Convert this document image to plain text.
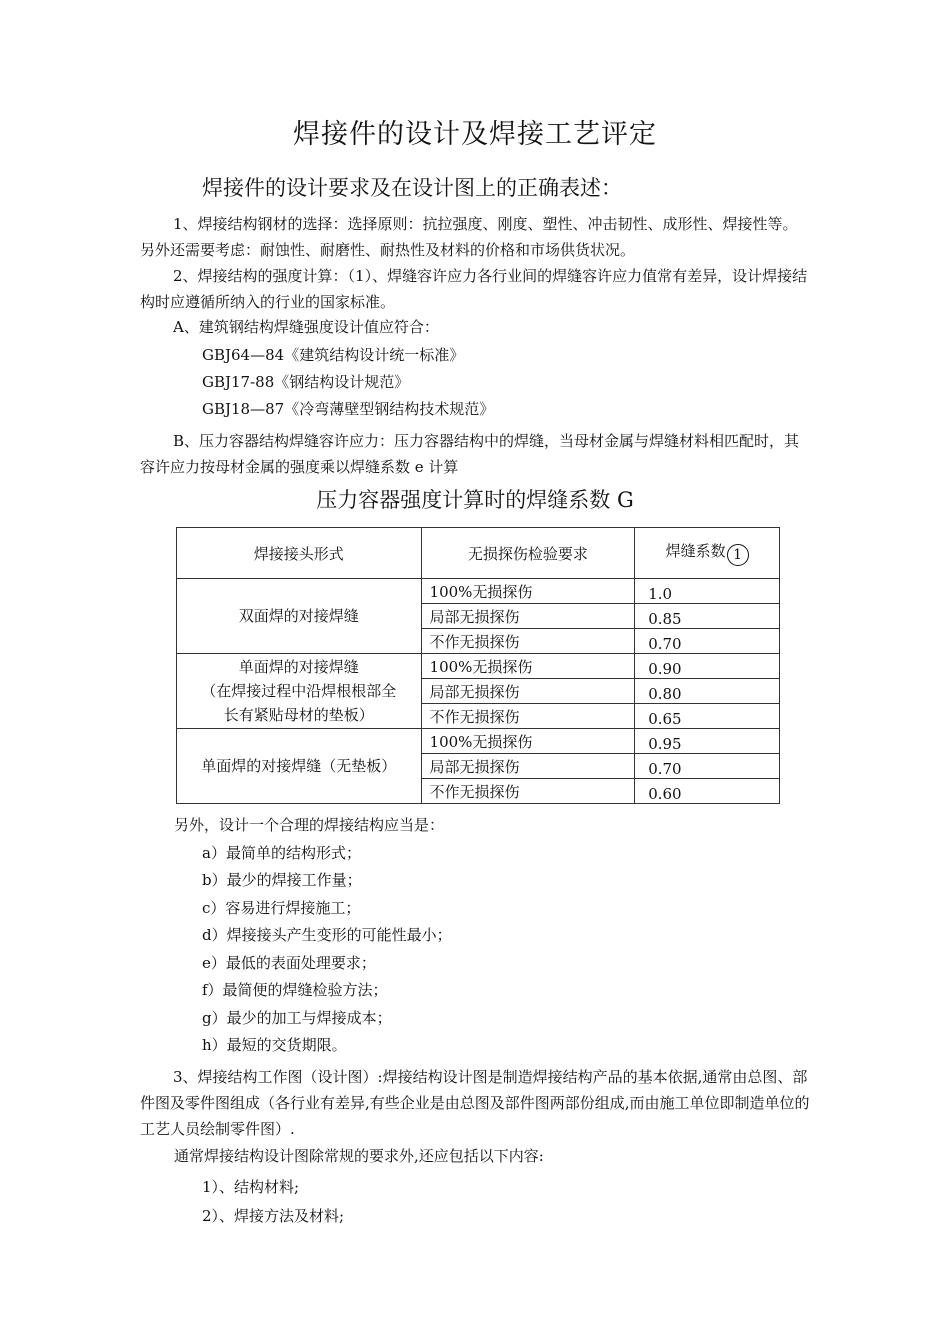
焊接件的设计及焊接工艺评定
焊接件的设计要求及在设计图上的正确表述：

1、焊接结构钢材的选择：选择原则：抗拉强度、刚度、塑性、冲击韧性、成形性、焊接性等。另外还需要考虑：耐蚀性、耐磨性、耐热性及材料的价格和市场供货状况。

2、焊接结构的强度计算：（1）、焊缝容许应力各行业间的焊缝容许应力值常有差异，设计焊接结构时应遵循所纳入的行业的国家标准。

A、建筑钢结构焊缝强度设计值应符合：

GBJ64—84《建筑结构设计统一标准》
GBJ17-88《钢结构设计规范》
GBJ18—87《冷弯薄壁型钢结构技术规范》

B、压力容器结构焊缝容许应力：压力容器结构中的焊缝，当母材金属与焊缝材料相匹配时，其容许应力按母材金属的强度乘以焊缝系数 e 计算

压力容器强度计算时的焊缝系数 G
焊接接头形式	无损探伤检验要求	焊缝系数 1

双面焊的对接焊缝	100%无损探伤	1.0
	局部无损探伤	0.85
	不作无损探伤	0.70

单面焊的对接焊缝
（在焊接过程中沿焊根根部全
长有紧贴母材的垫板）	100%无损探伤	0.90
	局部无损探伤	0.80
	不作无损探伤	0.65

单面焊的对接焊缝（无垫板）	100%无损探伤	0.95
	局部无损探伤	0.70
	不作无损探伤	0.60
另外，设计一个合理的焊接结构应当是：
a）最简单的结构形式；
b）最少的焊接工作量；
c）容易进行焊接施工；
d）焊接接头产生变形的可能性最小；
e）最低的表面处理要求；
f）最简便的焊缝检验方法；
g）最少的加工与焊接成本；
h）最短的交货期限。

3、焊接结构工作图（设计图）:焊接结构设计图是制造焊接结构产品的基本依据,通常由总图、部件图及零件图组成（各行业有差异,有些企业是由总图及部件图两部份组成,而由施工单位即制造单位的工艺人员绘制零件图）.

通常焊接结构设计图除常规的要求外,还应包括以下内容:
1）、结构材料;
2）、焊接方法及材料;
